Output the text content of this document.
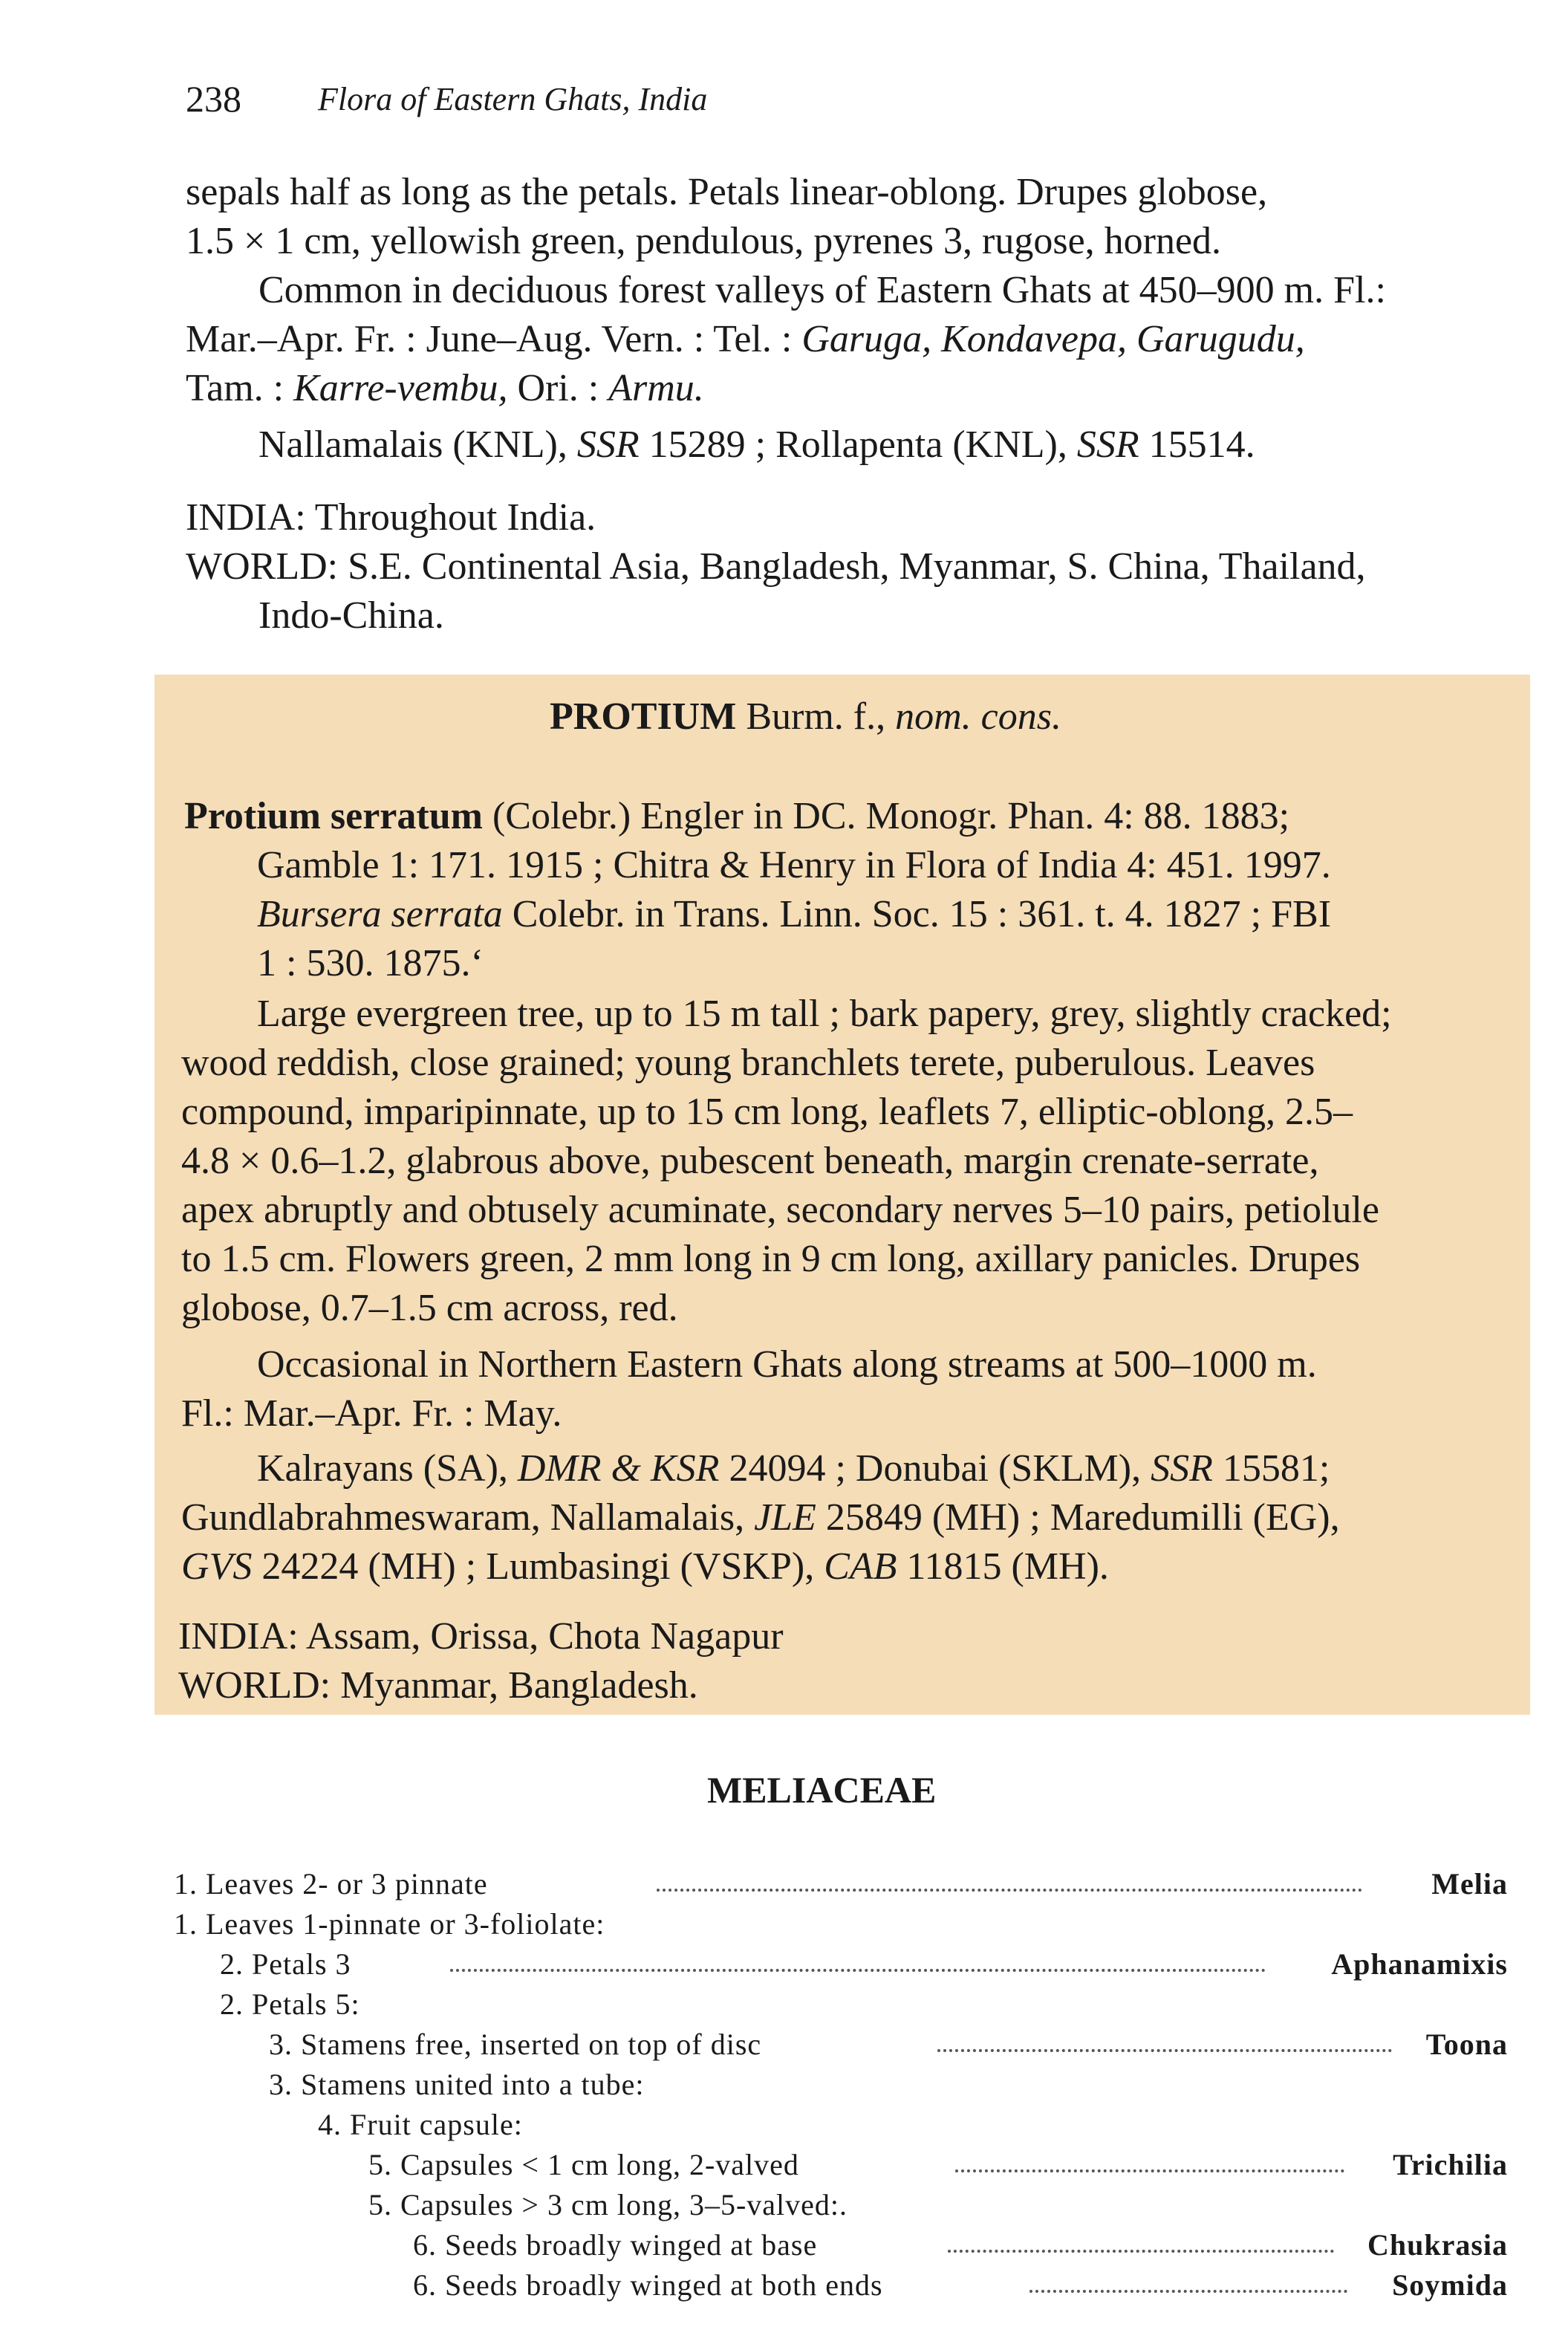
238 Flora of Eastern Ghats, India
sepals half as long as the petals. Petals linear-oblong. Drupes globose,
1.5 × 1 cm, yellowish green, pendulous, pyrenes 3, rugose, horned.
Common in deciduous forest valleys of Eastern Ghats at 450–900 m. Fl.:
Mar.–Apr. Fr. : June–Aug. Vern. : Tel. : Garuga, Kondavepa, Garugudu,
Tam. : Karre-vembu, Ori. : Armu.
Nallamalais (KNL), SSR 15289 ; Rollapenta (KNL), SSR 15514.
INDIA: Throughout India.
WORLD: S.E. Continental Asia, Bangladesh, Myanmar, S. China, Thailand,
Indo-China.
PROTIUM Burm. f., nom. cons.
Protium serratum (Colebr.) Engler in DC. Monogr. Phan. 4: 88. 1883;
Gamble 1: 171. 1915 ; Chitra & Henry in Flora of India 4: 451. 1997.
Bursera serrata Colebr. in Trans. Linn. Soc. 15 : 361. t. 4. 1827 ; FBI
1 : 530. 1875.‘
Large evergreen tree, up to 15 m tall ; bark papery, grey, slightly cracked;
wood reddish, close grained; young branchlets terete, puberulous. Leaves
compound, imparipinnate, up to 15 cm long, leaflets 7, elliptic-oblong, 2.5–
4.8 × 0.6–1.2, glabrous above, pubescent beneath, margin crenate-serrate,
apex abruptly and obtusely acuminate, secondary nerves 5–10 pairs, petiolule
to 1.5 cm. Flowers green, 2 mm long in 9 cm long, axillary panicles. Drupes
globose, 0.7–1.5 cm across, red.
Occasional in Northern Eastern Ghats along streams at 500–1000 m.
Fl.: Mar.–Apr. Fr. : May.
Kalrayans (SA), DMR & KSR 24094 ; Donubai (SKLM), SSR 15581;
Gundlabrahmeswaram, Nallamalais, JLE 25849 (MH) ; Maredumilli (EG),
GVS 24224 (MH) ; Lumbasingi (VSKP), CAB 11815 (MH).
INDIA: Assam, Orissa, Chota Nagapur
WORLD: Myanmar, Bangladesh.
MELIACEAE
1. Leaves 2- or 3 pinnate	Melia
1. Leaves 1-pinnate or 3-foliolate:
2. Petals 3	Aphanamixis
2. Petals 5:
3. Stamens free, inserted on top of disc	Toona
3. Stamens united into a tube:
4. Fruit capsule:
5. Capsules < 1 cm long, 2-valved	Trichilia
5. Capsules > 3 cm long, 3–5-valved:.
6. Seeds broadly winged at base	Chukrasia
6. Seeds broadly winged at both ends	Soymida
